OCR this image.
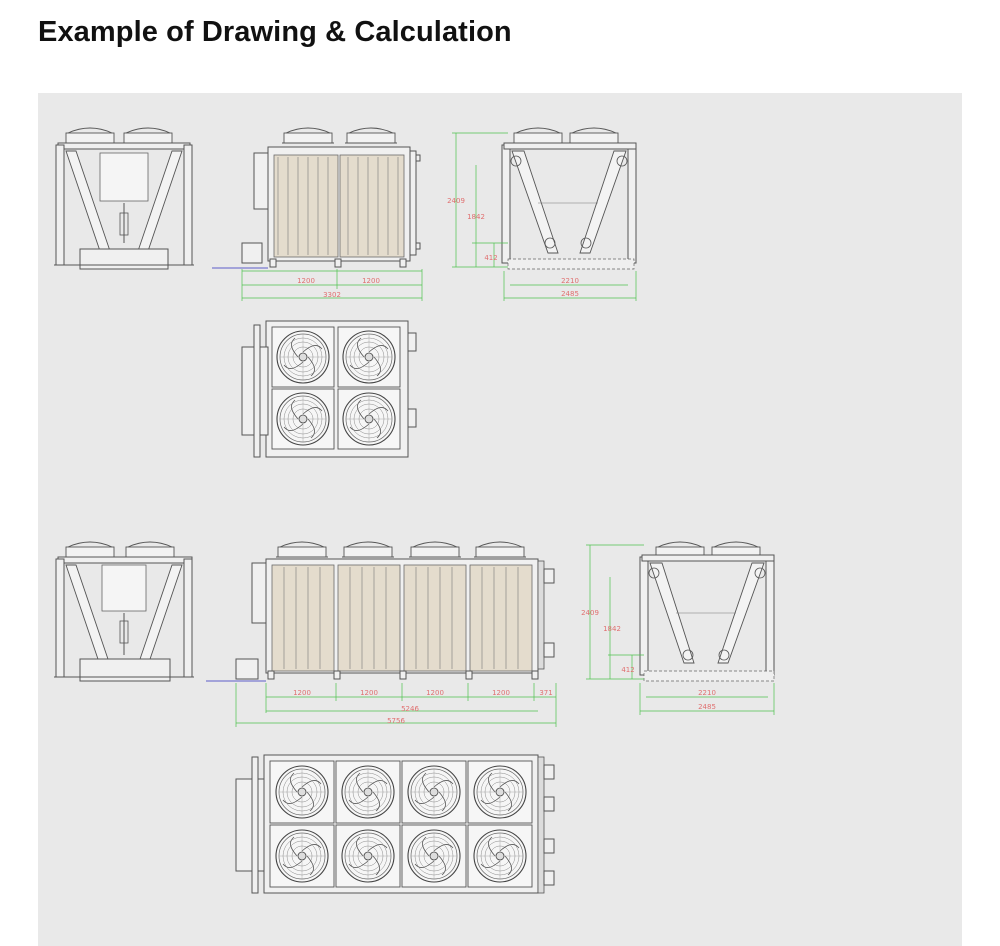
Example of Drawing & Calculation
1200	1200
3302
2409
1842
412
2210
2485
1200	1200	1200	1200	371
5246
5756
2409
1842
412
2210
2485
